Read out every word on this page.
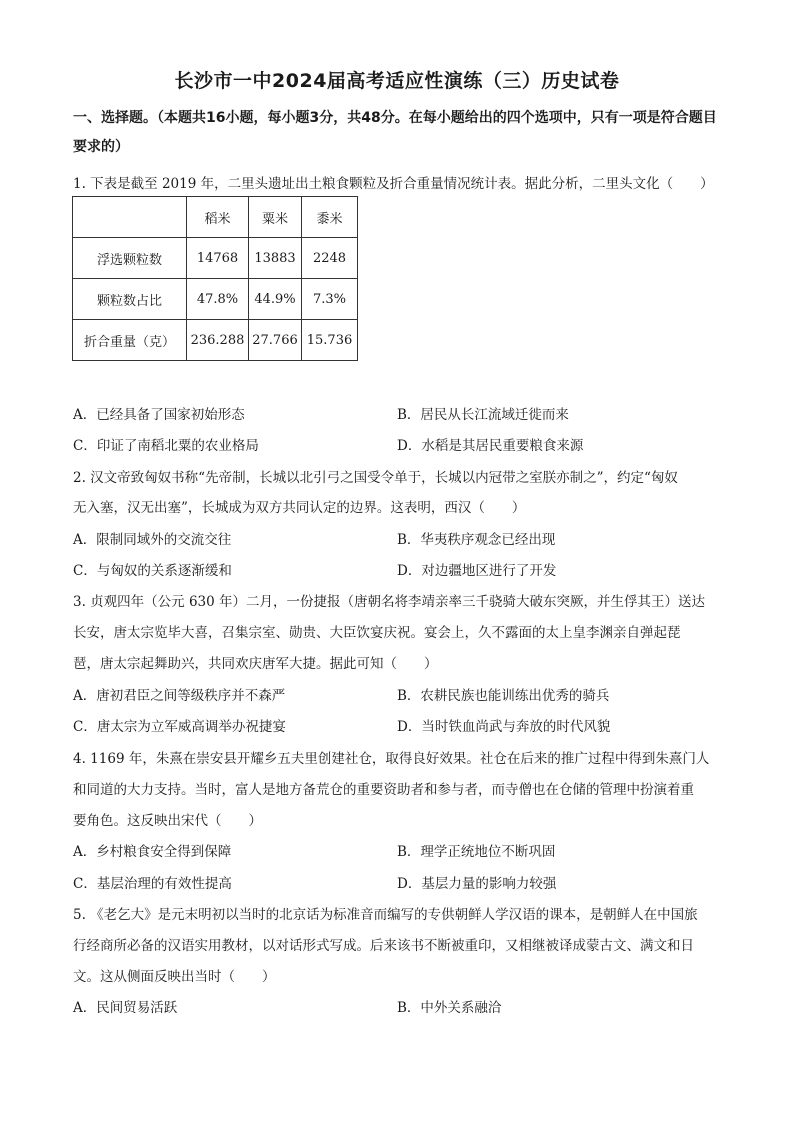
长沙市一中2024届高考适应性演练（三）历史试卷
一、选择题。（本题共16小题，每小题3分，共48分。在每小题给出的四个选项中，只有一项是符合题目要求的）
1. 下表是截至 2019 年，二里头遗址出土粮食颗粒及折合重量情况统计表。据此分析，二里头文化（　　）
	稻米	粟米	黍米
浮选颗粒数	14768	13883	2248
颗粒数占比	47.8%	44.9%	7.3%
折合重量（克）	236.288	27.766	15.736
A．已经具备了国家初始形态	B．居民从长江流域迁徙而来
C．印证了南稻北粟的农业格局	D．水稻是其居民重要粮食来源
2. 汉文帝致匈奴书称“先帝制，长城以北引弓之国受令单于，长城以内冠带之室朕亦制之”，约定“匈奴
无入塞，汉无出塞”，长城成为双方共同认定的边界。这表明，西汉（　　）
A．限制同域外的交流交往	B．华夷秩序观念已经出现
C．与匈奴的关系逐渐缓和	D．对边疆地区进行了开发
3. 贞观四年（公元 630 年）二月，一份捷报（唐朝名将李靖亲率三千骁骑大破东突厥，并生俘其王）送达
长安，唐太宗览毕大喜，召集宗室、勋贵、大臣饮宴庆祝。宴会上，久不露面的太上皇李渊亲自弹起琵
琶，唐太宗起舞助兴，共同欢庆唐军大捷。据此可知（　　）
A．唐初君臣之间等级秩序并不森严	B．农耕民族也能训练出优秀的骑兵
C．唐太宗为立军威高调举办祝捷宴	D．当时铁血尚武与奔放的时代风貌
4. 1169 年，朱熹在崇安县开耀乡五夫里创建社仓，取得良好效果。社仓在后来的推广过程中得到朱熹门人
和同道的大力支持。当时，富人是地方备荒仓的重要资助者和参与者，而寺僧也在仓储的管理中扮演着重
要角色。这反映出宋代（　　）
A．乡村粮食安全得到保障	B．理学正统地位不断巩固
C．基层治理的有效性提高	D．基层力量的影响力较强
5. 《老乞大》是元末明初以当时的北京话为标准音而编写的专供朝鲜人学汉语的课本，是朝鲜人在中国旅
行经商所必备的汉语实用教材，以对话形式写成。后来该书不断被重印，又相继被译成蒙古文、满文和日
文。这从侧面反映出当时（　　）
A．民间贸易活跃	B．中外关系融洽
